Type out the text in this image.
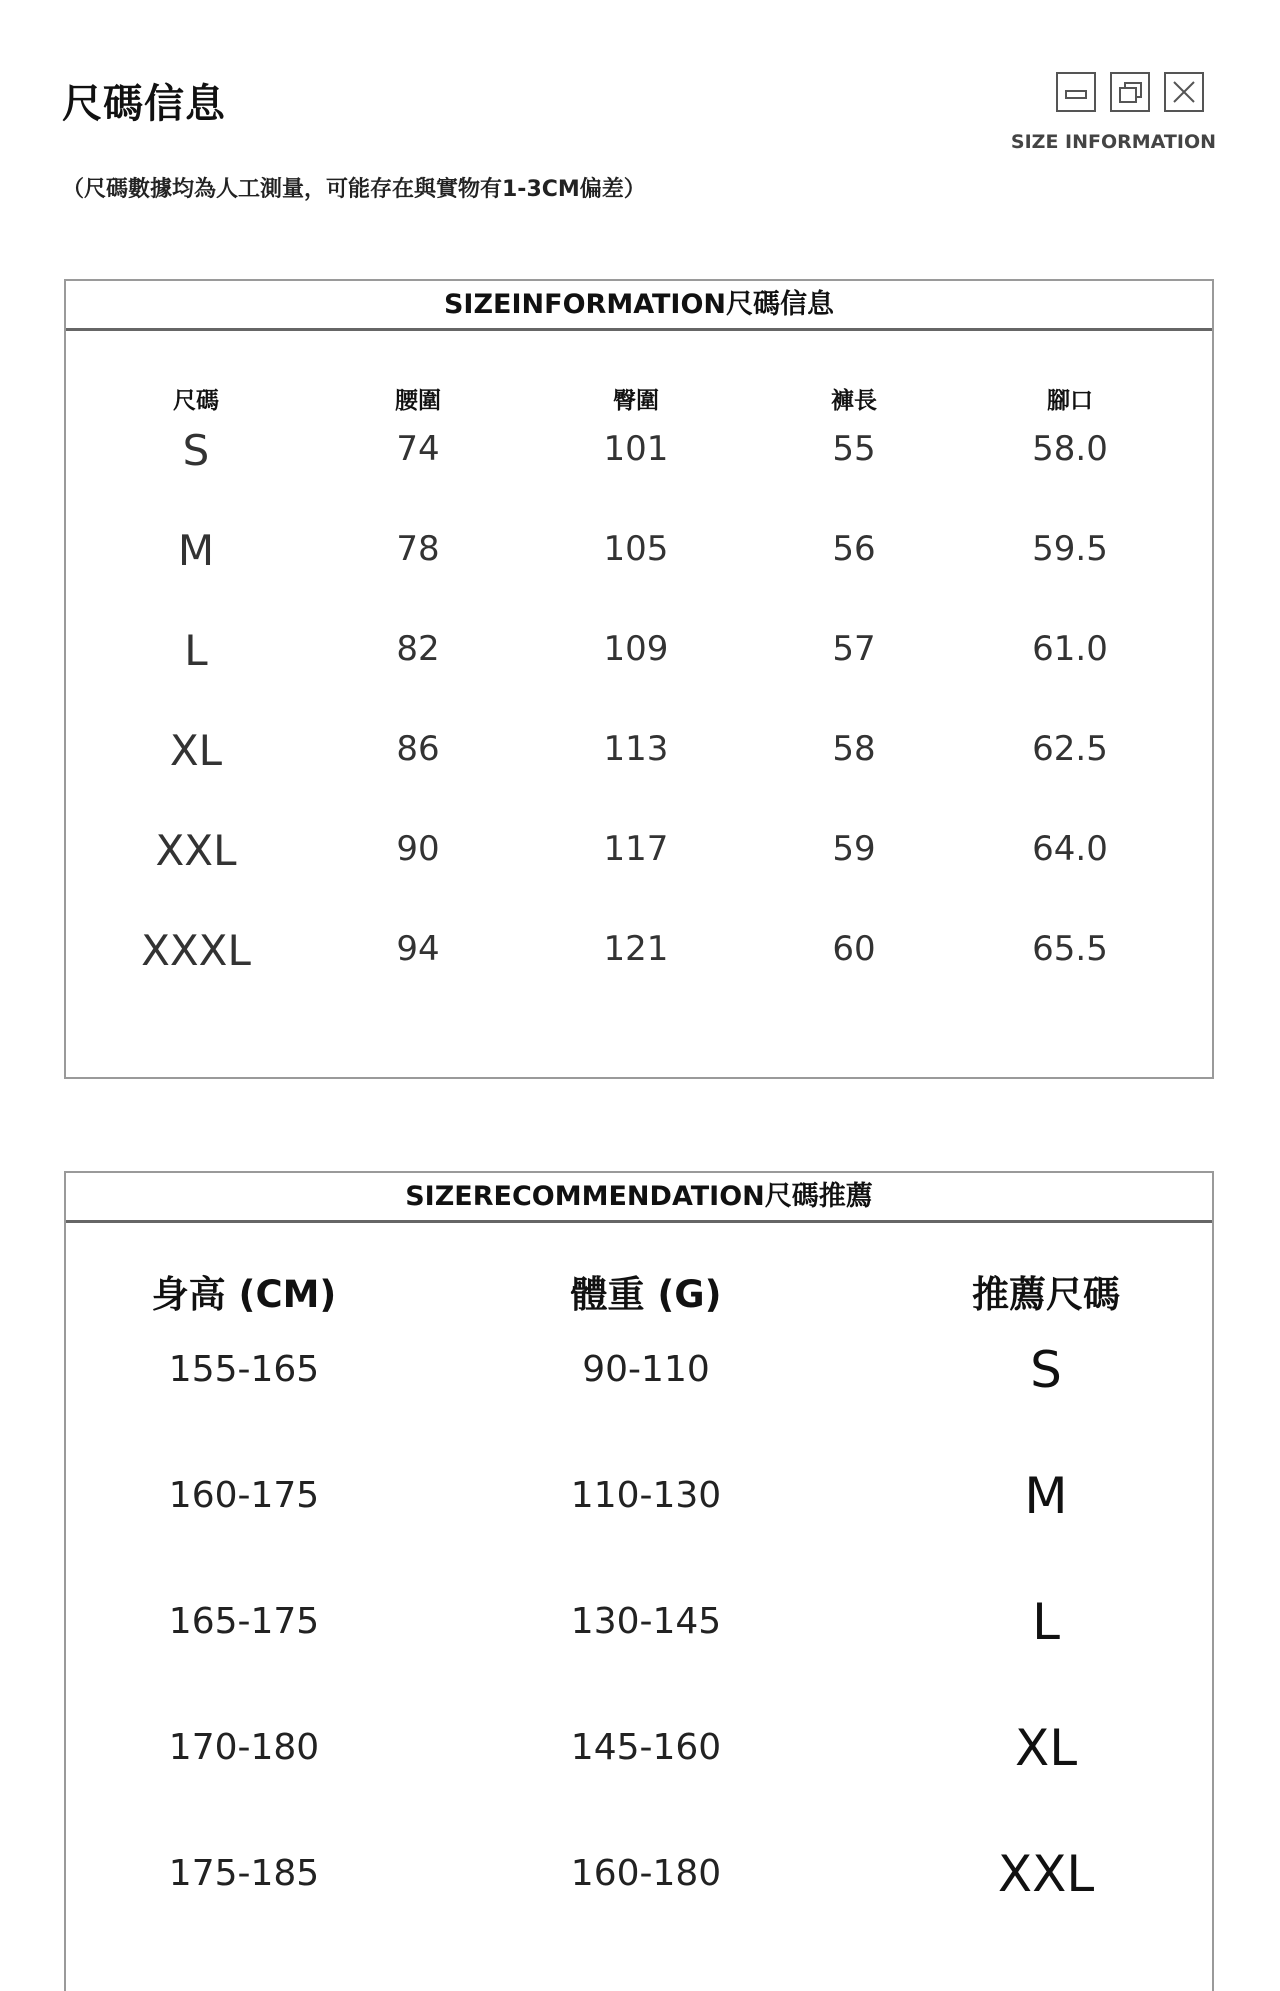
尺碼信息
（尺碼數據均為人工測量，可能存在與實物有1-3CM偏差）
SIZE INFORMATION
SIZEINFORMATION尺碼信息
尺碼	腰圍	臀圍	褲長	腳口
S	74	101	55	58.0
M	78	105	56	59.5
L	82	109	57	61.0
XL	86	113	58	62.5
XXL	90	117	59	64.0
XXXL	94	121	60	65.5
SIZERECOMMENDATION尺碼推薦
身高 (CM)	體重 (G)	推薦尺碼
155-165	90-110	S
160-175	110-130	M
165-175	130-145	L
170-180	145-160	XL
175-185	160-180	XXL
